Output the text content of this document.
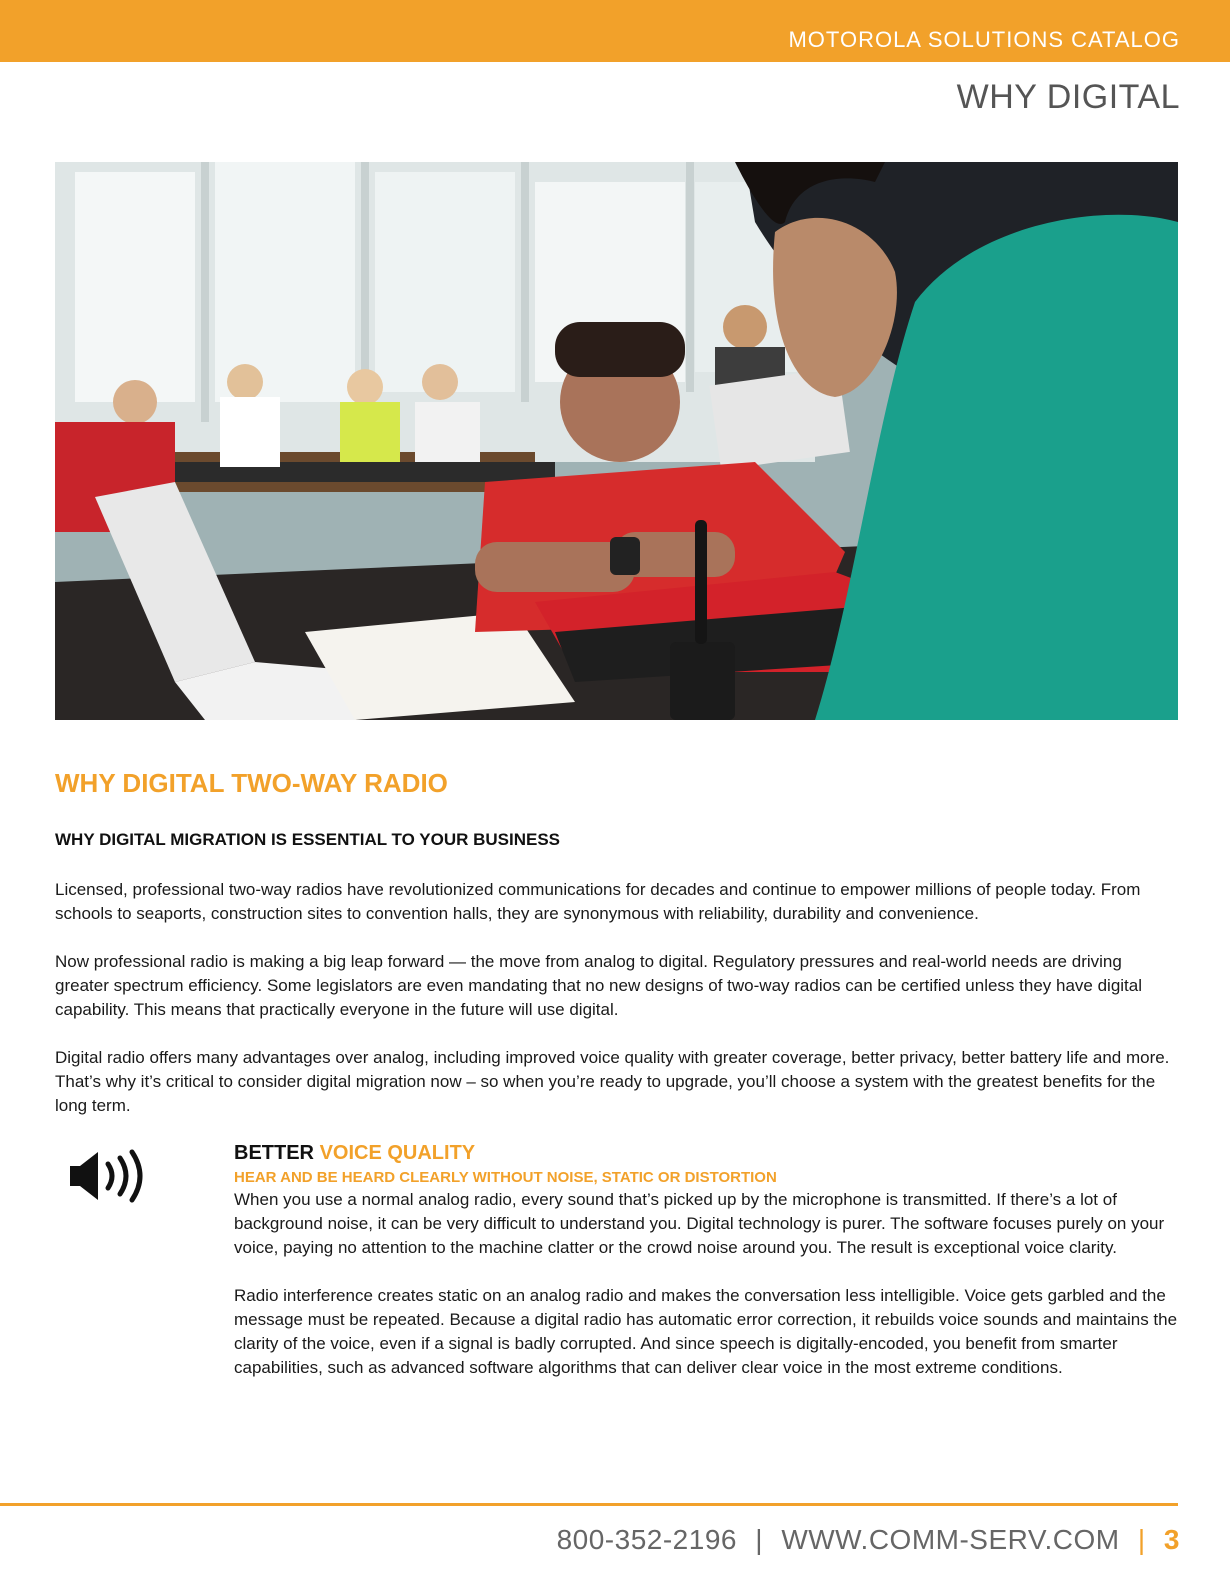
MOTOROLA SOLUTIONS CATALOG
WHY DIGITAL
WHY DIGITAL TWO-WAY RADIO
WHY DIGITAL MIGRATION IS ESSENTIAL TO YOUR BUSINESS
Licensed, professional two-way radios have revolutionized communications for decades and continue to empower millions of people today. From schools to seaports, construction sites to convention halls, they are synonymous with reliability, durability and convenience.
Now professional radio is making a big leap forward — the move from analog to digital. Regulatory pressures and real-world needs are driving greater spectrum efficiency. Some legislators are even mandating that no new designs of two-way radios can be certified unless they have digital capability. This means that practically everyone in the future will use digital.
Digital radio offers many advantages over analog, including improved voice quality with greater coverage, better privacy, better battery life and more. That’s why it’s critical to consider digital migration now – so when you’re ready to upgrade, you’ll choose a system with the greatest benefits for the long term.
BETTER VOICE QUALITY
HEAR AND BE HEARD CLEARLY WITHOUT NOISE, STATIC OR DISTORTION
When you use a normal analog radio, every sound that’s picked up by the microphone is transmitted. If there’s a lot of background noise, it can be very difficult to understand you. Digital technology is purer. The software focuses purely on your voice, paying no attention to the machine clatter or the crowd noise around you. The result is exceptional voice clarity.
Radio interference creates static on an analog radio and makes the conversation less intelligible. Voice gets garbled and the message must be repeated. Because a digital radio has automatic error correction, it rebuilds voice sounds and maintains the clarity of the voice, even if a signal is badly corrupted. And since speech is digitally-encoded, you benefit from smarter capabilities, such as advanced software algorithms that can deliver clear voice in the most extreme conditions.
800-352-2196 | WWW.COMM-SERV.COM | 3
